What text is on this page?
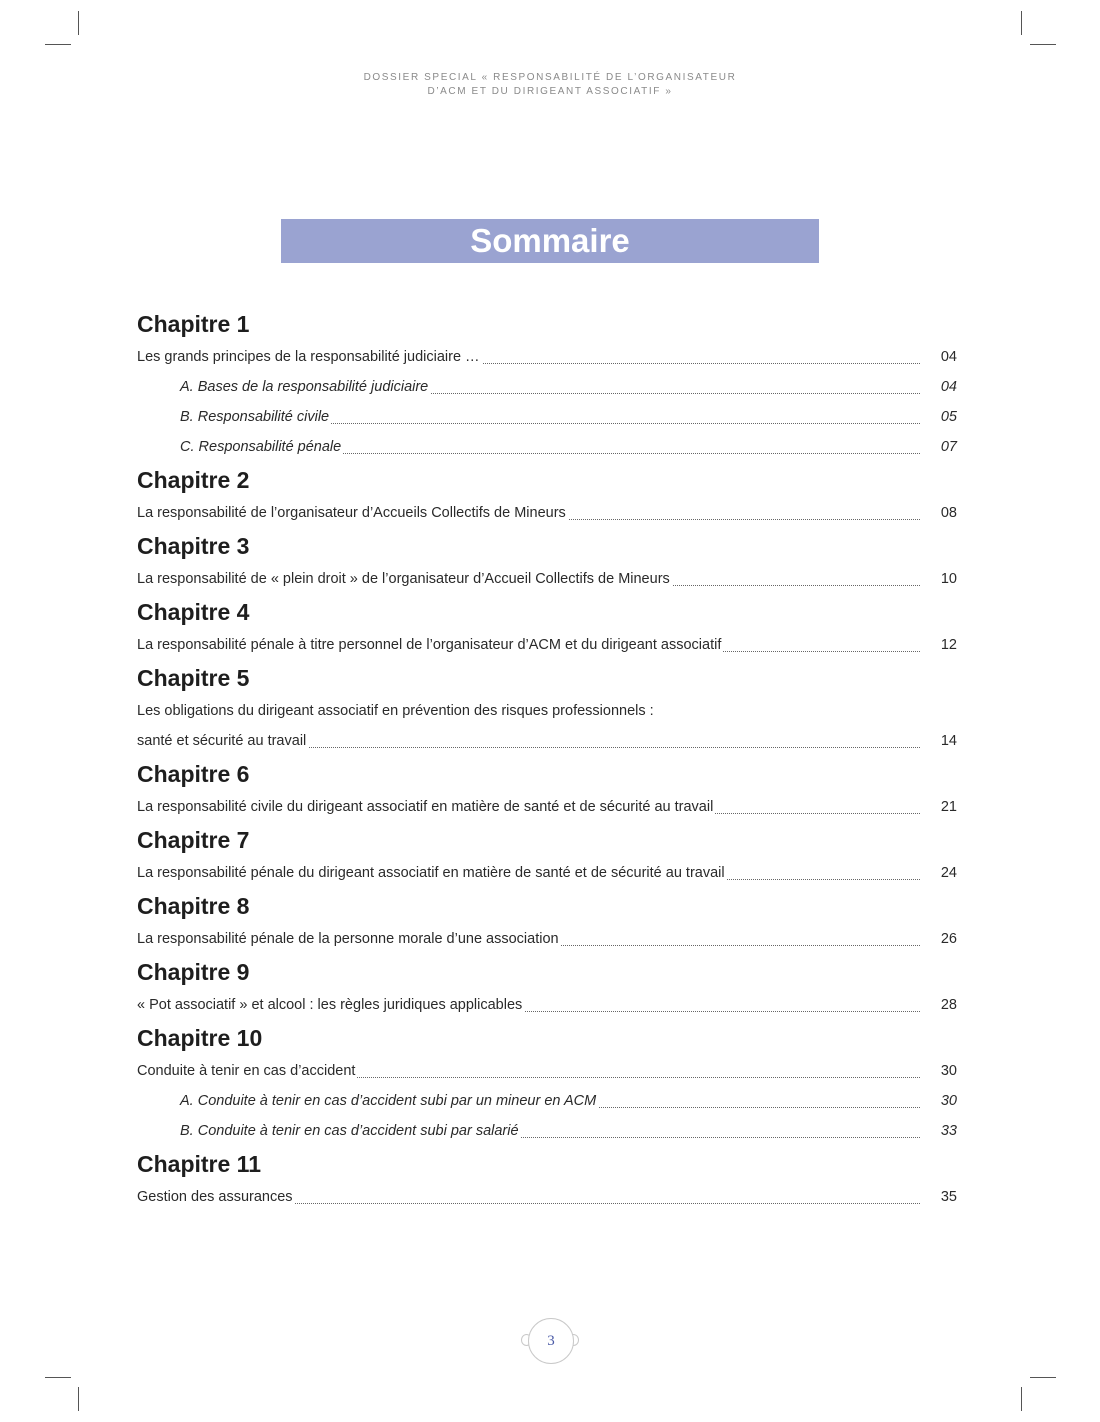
DOSSIER SPECIAL « RESPONSABILITÉ DE L’ORGANISATEUR
D’ACM ET DU DIRIGEANT ASSOCIATIF »
Sommaire
Chapitre 1
Les grands principes de la responsabilité judiciaire …	04
A. Bases de la responsabilité judiciaire	04
B. Responsabilité civile	05
C. Responsabilité pénale	07
Chapitre 2
La responsabilité de l’organisateur d’Accueils Collectifs de Mineurs	08
Chapitre 3
La responsabilité de « plein droit » de l’organisateur d’Accueil Collectifs de Mineurs	10
Chapitre 4
La responsabilité pénale à titre personnel de l’organisateur d’ACM et du dirigeant associatif	12
Chapitre 5
Les obligations du dirigeant associatif en prévention des risques professionnels :
santé et sécurité au travail	14
Chapitre 6
La responsabilité civile du dirigeant associatif en matière de santé et de sécurité au travail	21
Chapitre 7
La responsabilité pénale du dirigeant associatif en matière de santé et de sécurité au travail	24
Chapitre 8
La responsabilité pénale de la personne morale d’une association	26
Chapitre 9
« Pot associatif » et alcool : les règles juridiques applicables	28
Chapitre 10
Conduite à tenir en cas d’accident	30
A. Conduite à tenir en cas d’accident subi par un mineur en ACM	30
B. Conduite à tenir en cas d’accident subi par salarié	33
Chapitre 11
Gestion des assurances	35
3
